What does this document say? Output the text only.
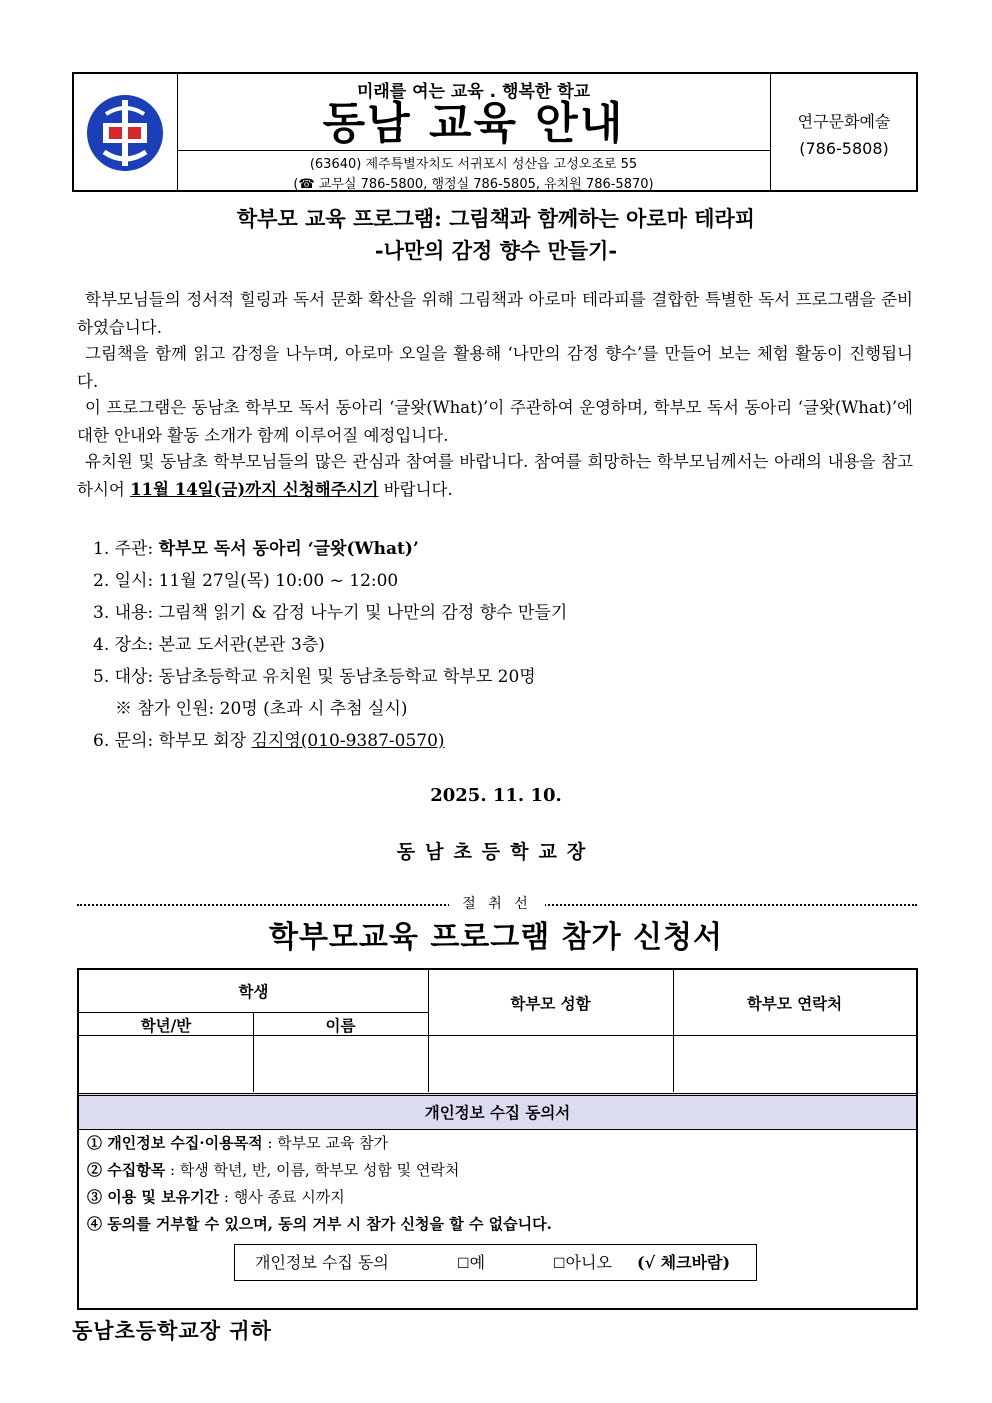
미래를 여는 교육 . 행복한 학교
동남 교육 안내
(63640) 제주특별자치도 서귀포시 성산읍 고성오조로 55
(☎ 교무실 786-5800, 행정실 786-5805, 유치원 786-5870)
연구문화예술
(786-5808)
학부모 교육 프로그램: 그림책과 함께하는 아로마 테라피
-나만의 감정 향수 만들기-
학부모님들의 정서적 힐링과 독서 문화 확산을 위해 그림책과 아로마 테라피를 결합한 특별한 독서 프로그램을 준비하였습니다.
그림책을 함께 읽고 감정을 나누며, 아로마 오일을 활용해 ‘나만의 감정 향수’를 만들어 보는 체험 활동이 진행됩니다.
이 프로그램은 동남초 학부모 독서 동아리 ‘글왓(What)’이 주관하여 운영하며, 학부모 독서 동아리 ‘글왓(What)’에 대한 안내와 활동 소개가 함께 이루어질 예정입니다.
유치원 및 동남초 학부모님들의 많은 관심과 참여를 바랍니다. 참여를 희망하는 학부모님께서는 아래의 내용을 참고하시어 11월 14일(금)까지 신청해주시기 바랍니다.
1. 주관: 학부모 독서 동아리 ‘글왓(What)’
2. 일시: 11월 27일(목) 10:00 ~ 12:00
3. 내용: 그림책 읽기 & 감정 나누기 및 나만의 감정 향수 만들기
4. 장소: 본교 도서관(본관 3층)
5. 대상: 동남초등학교 유치원 및 동남초등학교 학부모 20명
※ 참가 인원: 20명 (초과 시 추첨 실시)
6. 문의: 학부모 회장 김지영(010-9387-0570)
2025. 11. 10.
동남초등학교장
절 취 선
학부모교육 프로그램 참가 신청서
학생
학년/반	이름
학부모 성함	학부모 연락처
개인정보 수집 동의서
① 개인정보 수집·이용목적 : 학부모 교육 참가
② 수집항목 : 학생 학년, 반, 이름, 학부모 성함 및 연락처
③ 이용 및 보유기간 : 행사 종료 시까지
④ 동의를 거부할 수 있으며, 동의 거부 시 참가 신청을 할 수 없습니다.
개인정보 수집 동의	☐예	☐아니오 (√ 체크바람)
동남초등학교장 귀하
